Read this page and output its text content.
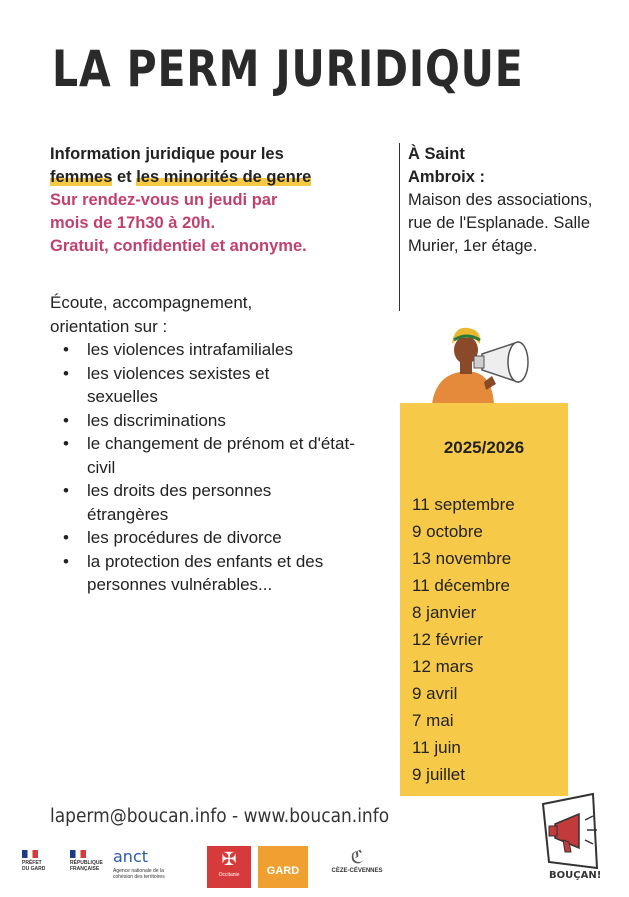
LA PERM JURIDIQUE
Information juridique pour les
femmes et les minorités de genre
Sur rendez-vous un jeudi par
mois de 17h30 à 20h.
Gratuit, confidentiel et anonyme.
Écoute, accompagnement,
orientation sur :
• les violences intrafamiliales
• les violences sexistes et sexuelles
• les discriminations
• le changement de prénom et d'état-civil
• les droits des personnes étrangères
• les procédures de divorce
• la protection des enfants et des personnes vulnérables...
À Saint Ambroix :
Maison des associations, rue de l'Esplanade. Salle Murier, 1er étage.
2025/2026
11 septembre
9 octobre
13 novembre
11 décembre
8 janvier
12 février
12 mars
9 avril
7 mai
11 juin
9 juillet
laperm@boucan.info - www.boucan.info
PRÉFET DU GARD
RÉPUBLIQUE FRANÇAISE
anct
Agence nationale de la cohésion des territoires
✠
Occitanie	GARD
ℭ
CÈZE-CÉVENNES	BOUÇAN!
